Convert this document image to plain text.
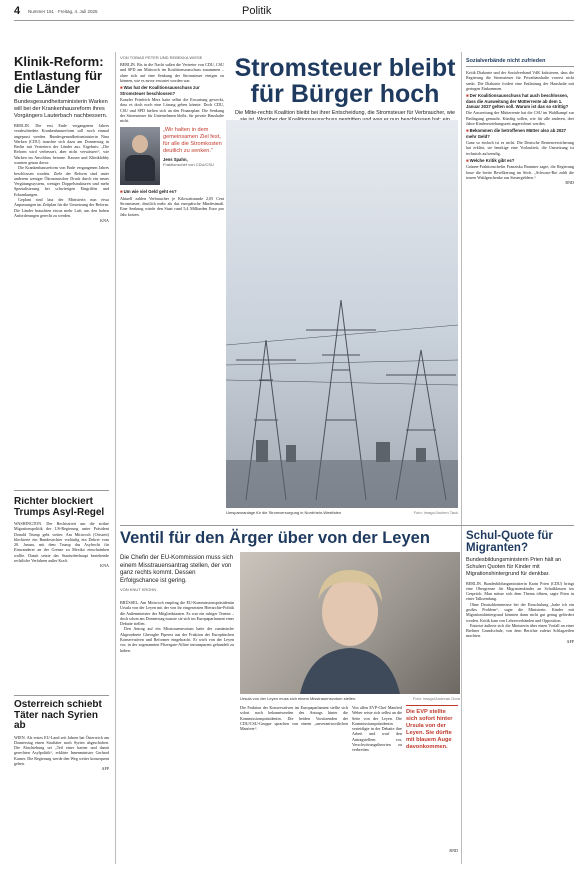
4 Nummer 151 · Freitag, 4. Juli 2025	Politik
Klinik-Reform: Entlastung für die Länder

Bundesgesundheitsministerin Warken will bei der Krankenhausreform ihres Vorgängers Lauterbach nachbessern.

BERLIN. Die erst Ende vergangenen Jahres verabschiedete Krankenhausreform soll noch einmal angepasst werden. Bundesgesundheitsministerin Nina Warken (CDU) tauschte sich dazu am Donnerstag in Berlin mit Vertretern der Länder aus. Ergebnis: „Die Reform wird verbessert, aber nicht verwässert“, wie Warken im Anschluss betonte. Kassen und Kliniklobby warnten genau davor.

Die Krankenhausreform von Ende vergangenen Jahres beschlossen worden. Ziele der Reform sind unter anderem weniger Ökonomischer Druck durch ein neues Vergütungssystem, weniger Doppelstrukturen und mehr Spezialisierung bei schwierigen Eingriffen und Erkrankungen.

Geplant sind laut der Ministerin nun etwa Anpassungen im Zeitplan für die Umsetzung der Reform. Die Länder brauchten etwas mehr Luft, um den hohen Anforderungen gerecht zu werden.

KNA

Richter blockiert Trumps Asyl-Regel

WASHINGTON. Der Rechtsstreit um die strikte Migrationspolitik der US-Regierung unter Präsident Donald Trump geht weiter. Am Mittwoch (Ortszeit) blockierte ein Bundesrichter vorläufig ein Dekret vom 20. Januar, mit dem Trump das Asylrecht für Einwanderer an der Grenze zu Mexiko einschränken wollte. Damit setzte das Staatsoberhaupt bestehende rechtliche Verfahren außer Kraft.

KNA

Österreich schiebt Täter nach Syrien ab

WIEN. Als erstes EU-Land seit Jahren hat Österreich am Donnerstag einen Straftäter nach Syrien abgeschoben. Die Abschiebung sei „Teil einer harten und damit gerechten Asylpolitik“, erklärte Innenminister Gerhard Karner. Die Regierung werde den Weg weiter konsequent gehen.

AFP

VON TOBIAS PETER UND REBEKKA WIESE

BERLIN. Bis in die Nacht saßen die Vertreter von CDU, CSU und SPD am Mittwoch im Koalitionsausschuss zusammen – ohne sich auf eine Senkung der Stromsteuer einigen zu können, wie es zuvor erwartet worden war.

■Was hat der Koalitionsausschuss zur Stromsteuer beschlossen?

Kanzler Friedrich Merz hatte selbst die Erwartung geweckt, dass es doch noch eine Lösung geben könnte. Doch CDU, CSU und SPD hielten sich an den Finanzplan: Die Senkung der Stromsteuer für Unternehmen bleibt, für private Haushalte nicht.

„Wir halten in dem gemeinsamen Ziel fest, für alle die Stromkosten deutlich zu senken.“
Jens Spahn,
Fraktionschef von CDU/CSU
■Um wie viel Geld geht es?

Aktuell zahlen Verbraucher je Kilowattstunde 2,05 Cent Stromsteuer, deutlich mehr als das europäische Mindestmaß. Eine Senkung würde den Staat rund 5,4 Milliarden Euro pro Jahr kosten.

Stromsteuer bleibt für Bürger hoch

Die Mitte-rechts Koalition bleibt bei ihrer Entscheidung, die Stromsteuer für Verbraucher, wie

Umspannanlage für die Stromversorgung in Nordrhein-Westfalen	Foto: imago/Jochen Tack
Sozialverbände nicht zufrieden

Kritik Diakonie und der Sozialverband VdK kritisieren, dass die Regierung die Stromsteuer für Privathaushalte vorerst nicht senkt. Die Diakonie fordert eine Entlastung der Haushalte mit geringen Einkommen.

■Der Koalitionsausschuss hat auch beschlossen, dass die Ausweitung der Mütterrente ab dem 1. Januar 2027 gelten soll. Warum ist das so strittig?

Die Ausweitung der Mütterrente hat die CSU im Wahlkampf zur Bedingung gemacht. Künftig sollen, wie für alle anderen, drei Jahre Kindererziehungszeit angerechnet werden.

■Bekommen die betroffenen Mütter also ab 2027 mehr Geld?

Ganz so einfach ist es nicht. Die Deutsche Rentenversicherung hat erklärt, sie benötige eine Vorlaufzeit, die Umsetzung ist technisch aufwendig.

■Welche Kritik gibt es?

Grünen-Fraktionschefin Franziska Brantner sagte, die Regierung lasse die breite Bevölkerung im Stich. „Schwarz-Rot zahlt die teuren Wahlgeschenke aus Steuergeldern.“

RND

Ventil für den Ärger über von der Leyen

Die Chefin der EU-Kommission muss sich einem Misstrauensantrag stellen, der von ganz rechts kommt. Dessen Erfolgschance ist gering.

VON KNUT KROHN
Ursula von der Leyen muss sich einem Misstrauensvotum stellen.	Foto: imago/Andreas Gora

BRÜSSEL. Am Mittwoch empfing die EU-Kommissionspräsidentin Ursula von der Leyen mit der von ihr eingesetzten Hierarchie-Politik die Außenminister der Mitgliedstaaten. Es war ein ruhiger Termin – doch schon am Donnerstag musste sie sich im Europaparlament einer Debatte stellen.

Den Antrag auf ein Misstrauensvotum hatte der rumänische Abgeordnete Gheorghe Piperea aus der Fraktion der Europäischen Konservativen und Reformer eingebracht. Er wirft von der Leyen vor, in der sogenannten Pfizergate-Affäre intransparent gehandelt zu haben.

Die Fraktion der Konservativen im Europaparlament stellte sich sofort nach bekanntwerden des Antrags hinter die Kommissionspräsidentin. Die beiden Vorsitzenden der CDU/CSU-Gruppe sprachen von einem „unverantwortlichen Manöver“.

Von allen EVP-Chef Manfred Weber reiste sich selbst an die Seite von der Leyen. Die Kommissionspräsidentin verteidigte in der Debatte ihre Arbeit und warf den Antragstellern vor, Verschwörungstheorien zu verbreiten.

Die EVP stellte sich sofort hinter Ursula von der Leyen. Sie dürfte mit blauem Auge davonkommen.

RND

Schul-Quote für Migranten?

Bundesbildungsministerin Prien hält an Schulen Quoten für Kinder mit Migrationshintergrund für denkbar.

BERLIN. Bundesbildungsministerin Karin Prien (CDU) bringt eine Obergrenze für Migrantenkinder an Schulklassen ins Gespräch. Man müsse sich dem Thema öffnen, sagte Prien in einer Talksendung.

Ohne Deutschkenntnisse bei der Einschulung „habe ich ein großes Problem“, sagte die Ministerin. Kinder mit Migrationshintergrund könnten dann nicht gut genug gefördert werden. Kritik kam von Lehrerverbänden und Opposition.

Entsetzt äußerte sich die Ministerin über einen Vorfall an einer Berliner Grundschule, von dem Berichte zuletzt Schlagzeilen machten.

AFP
